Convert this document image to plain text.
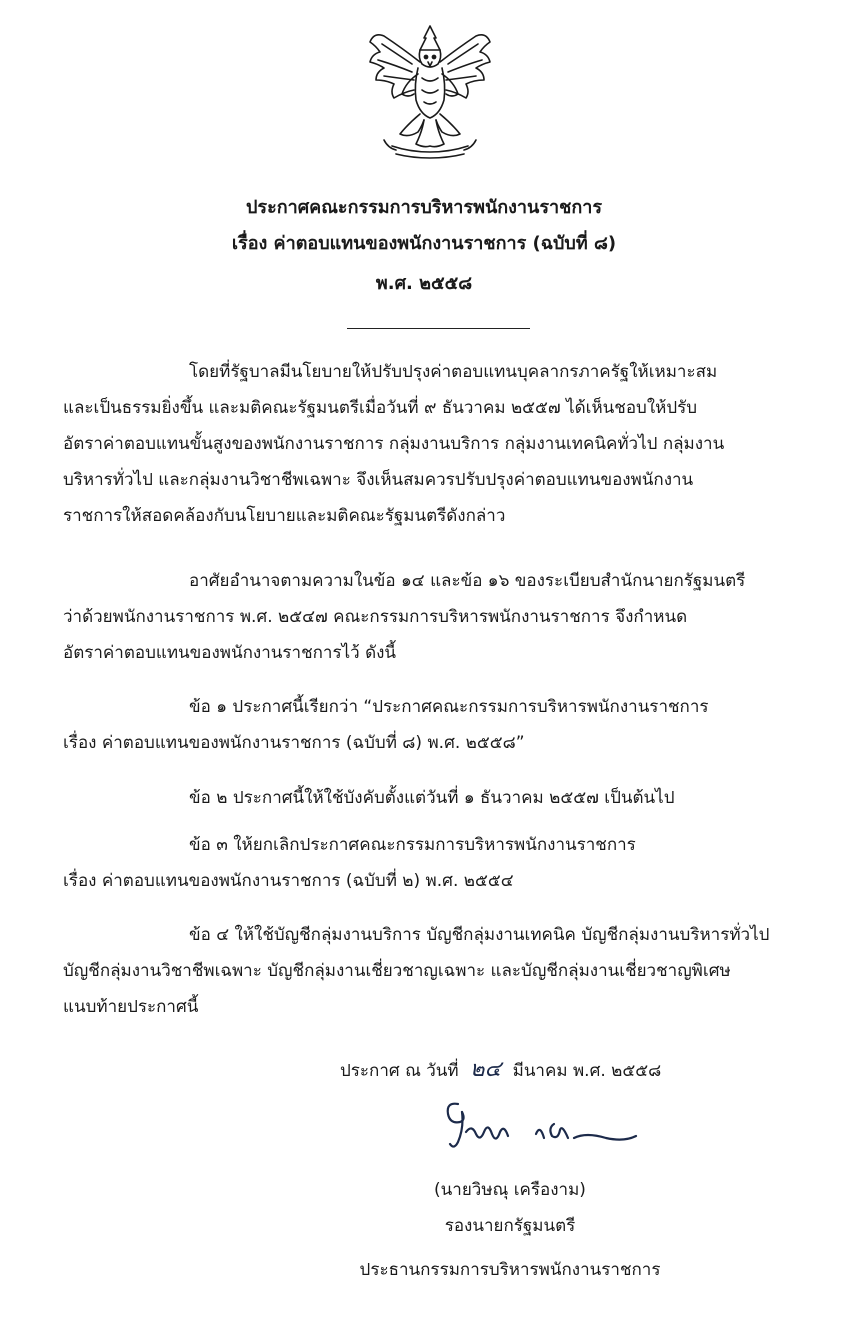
ประกาศคณะกรรมการบริหารพนักงานราชการ
เรื่อง ค่าตอบแทนของพนักงานราชการ (ฉบับที่ ๘)
พ.ศ. ๒๕๕๘
โดยที่รัฐบาลมีนโยบายให้ปรับปรุงค่าตอบแทนบุคลากรภาครัฐให้เหมาะสม
และเป็นธรรมยิ่งขึ้น และมติคณะรัฐมนตรีเมื่อวันที่ ๙ ธันวาคม ๒๕๕๗ ได้เห็นชอบให้ปรับ
อัตราค่าตอบแทนขั้นสูงของพนักงานราชการ กลุ่มงานบริการ กลุ่มงานเทคนิคทั่วไป กลุ่มงาน
บริหารทั่วไป และกลุ่มงานวิชาชีพเฉพาะ จึงเห็นสมควรปรับปรุงค่าตอบแทนของพนักงาน
ราชการให้สอดคล้องกับนโยบายและมติคณะรัฐมนตรีดังกล่าว
อาศัยอำนาจตามความในข้อ ๑๔ และข้อ ๑๖ ของระเบียบสำนักนายกรัฐมนตรี
ว่าด้วยพนักงานราชการ พ.ศ. ๒๕๔๗ คณะกรรมการบริหารพนักงานราชการ จึงกำหนด
อัตราค่าตอบแทนของพนักงานราชการไว้ ดังนี้
ข้อ ๑ ประกาศนี้เรียกว่า “ประกาศคณะกรรมการบริหารพนักงานราชการ
เรื่อง ค่าตอบแทนของพนักงานราชการ (ฉบับที่ ๘) พ.ศ. ๒๕๕๘”
ข้อ ๒ ประกาศนี้ให้ใช้บังคับตั้งแต่วันที่ ๑ ธันวาคม ๒๕๕๗ เป็นต้นไป
ข้อ ๓ ให้ยกเลิกประกาศคณะกรรมการบริหารพนักงานราชการ
เรื่อง ค่าตอบแทนของพนักงานราชการ (ฉบับที่ ๒) พ.ศ. ๒๕๕๔
ข้อ ๔ ให้ใช้บัญชีกลุ่มงานบริการ บัญชีกลุ่มงานเทคนิค บัญชีกลุ่มงานบริหารทั่วไป
บัญชีกลุ่มงานวิชาชีพเฉพาะ บัญชีกลุ่มงานเชี่ยวชาญเฉพาะ และบัญชีกลุ่มงานเชี่ยวชาญพิเศษ
แนบท้ายประกาศนี้
ประกาศ ณ วันที่ ๒๔ มีนาคม พ.ศ. ๒๕๕๘
(นายวิษณุ เครืองาม)
รองนายกรัฐมนตรี
ประธานกรรมการบริหารพนักงานราชการ
